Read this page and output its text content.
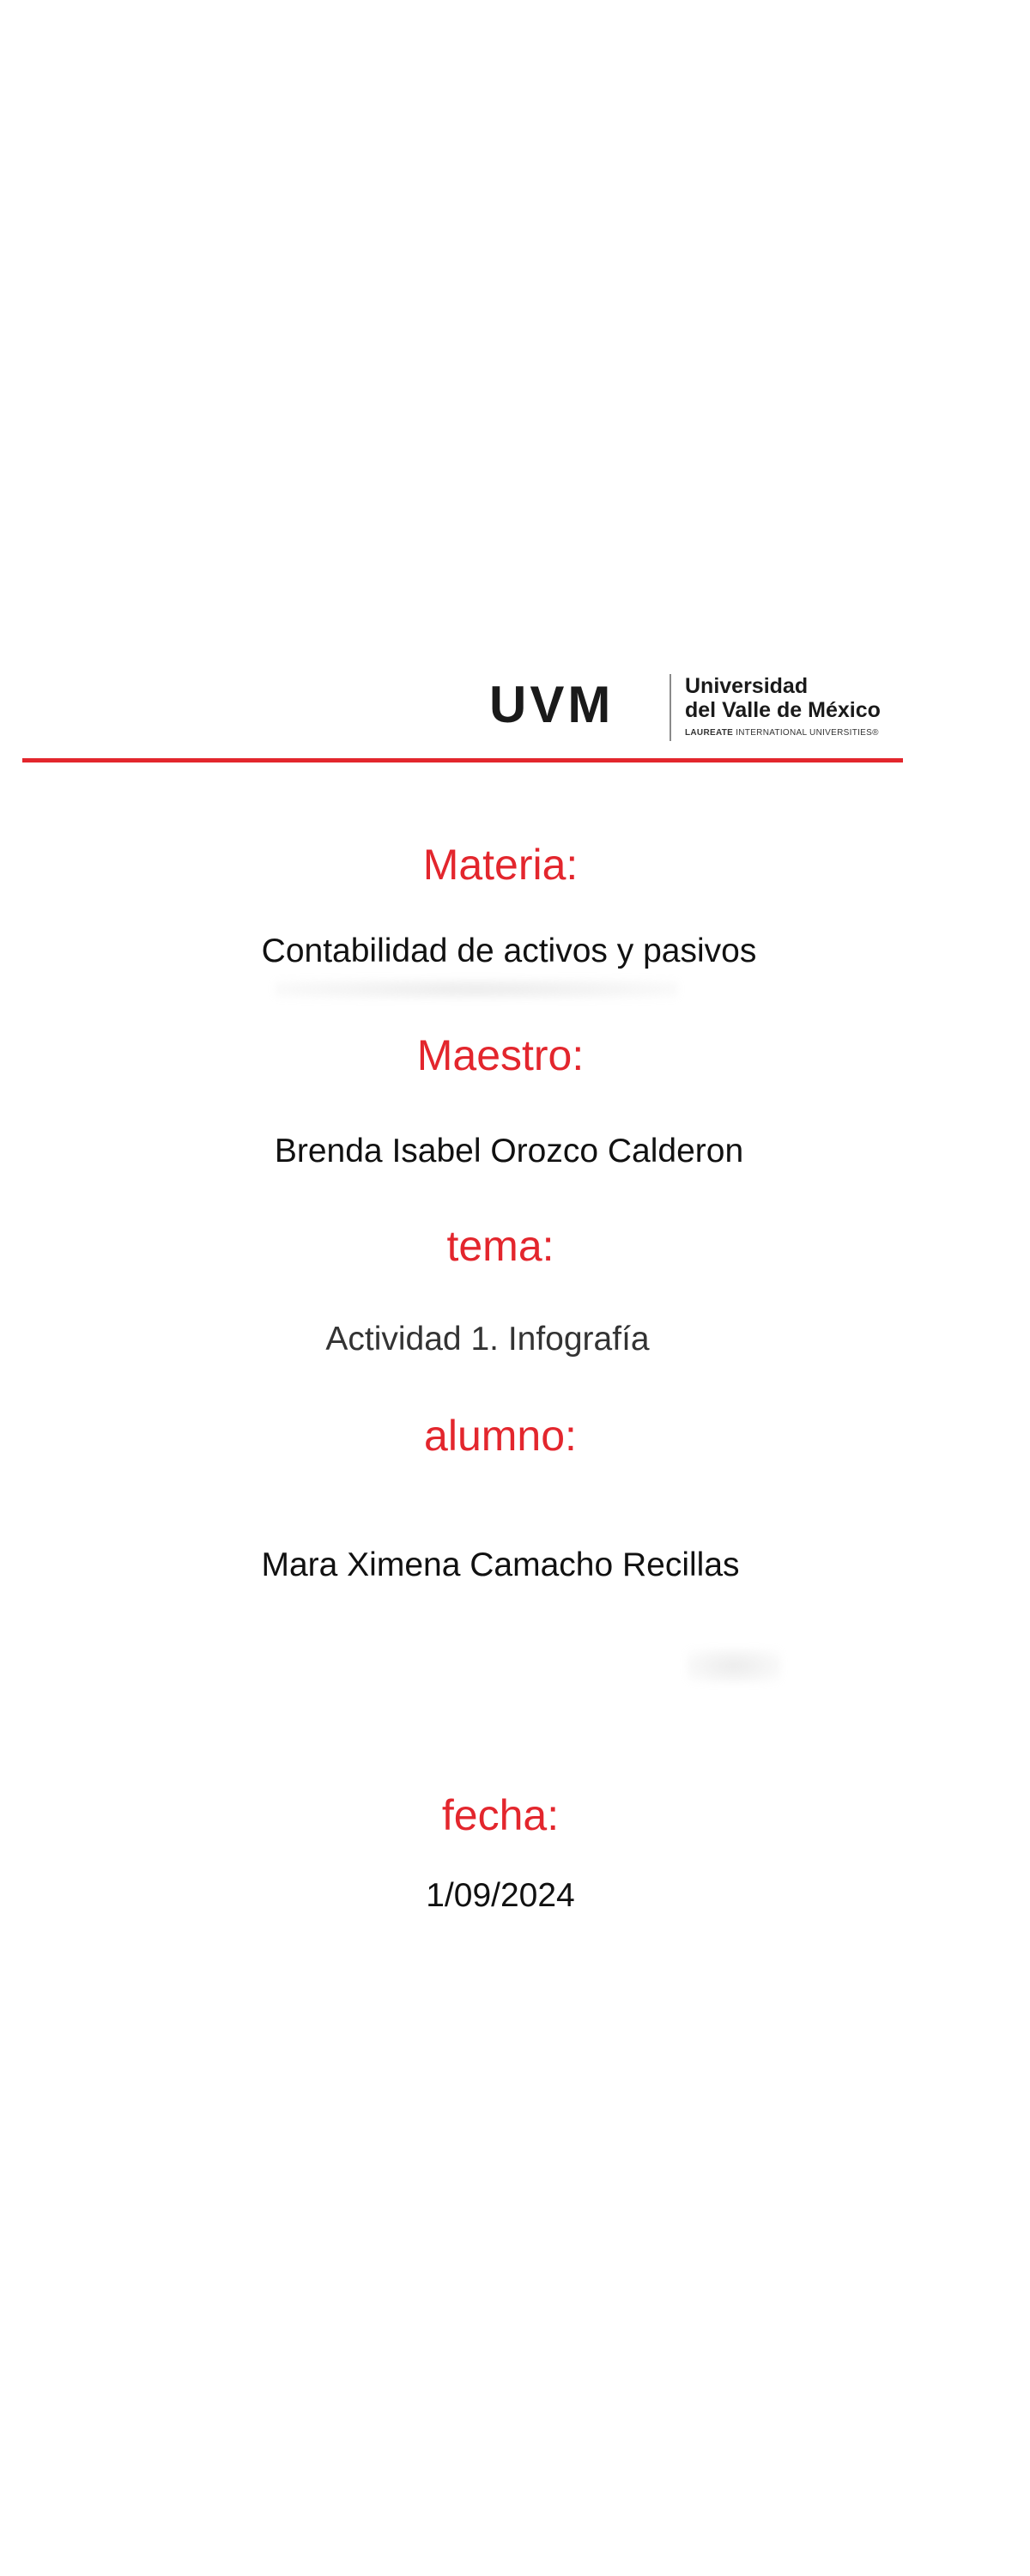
UVM	Universidad
del Valle de México
LAUREATE INTERNATIONAL UNIVERSITIES®
Materia:
Contabilidad de activos y pasivos
Maestro:
Brenda Isabel Orozco Calderon
tema:
Actividad 1. Infografía
alumno:
Mara Ximena Camacho Recillas
fecha:
1/09/2024
